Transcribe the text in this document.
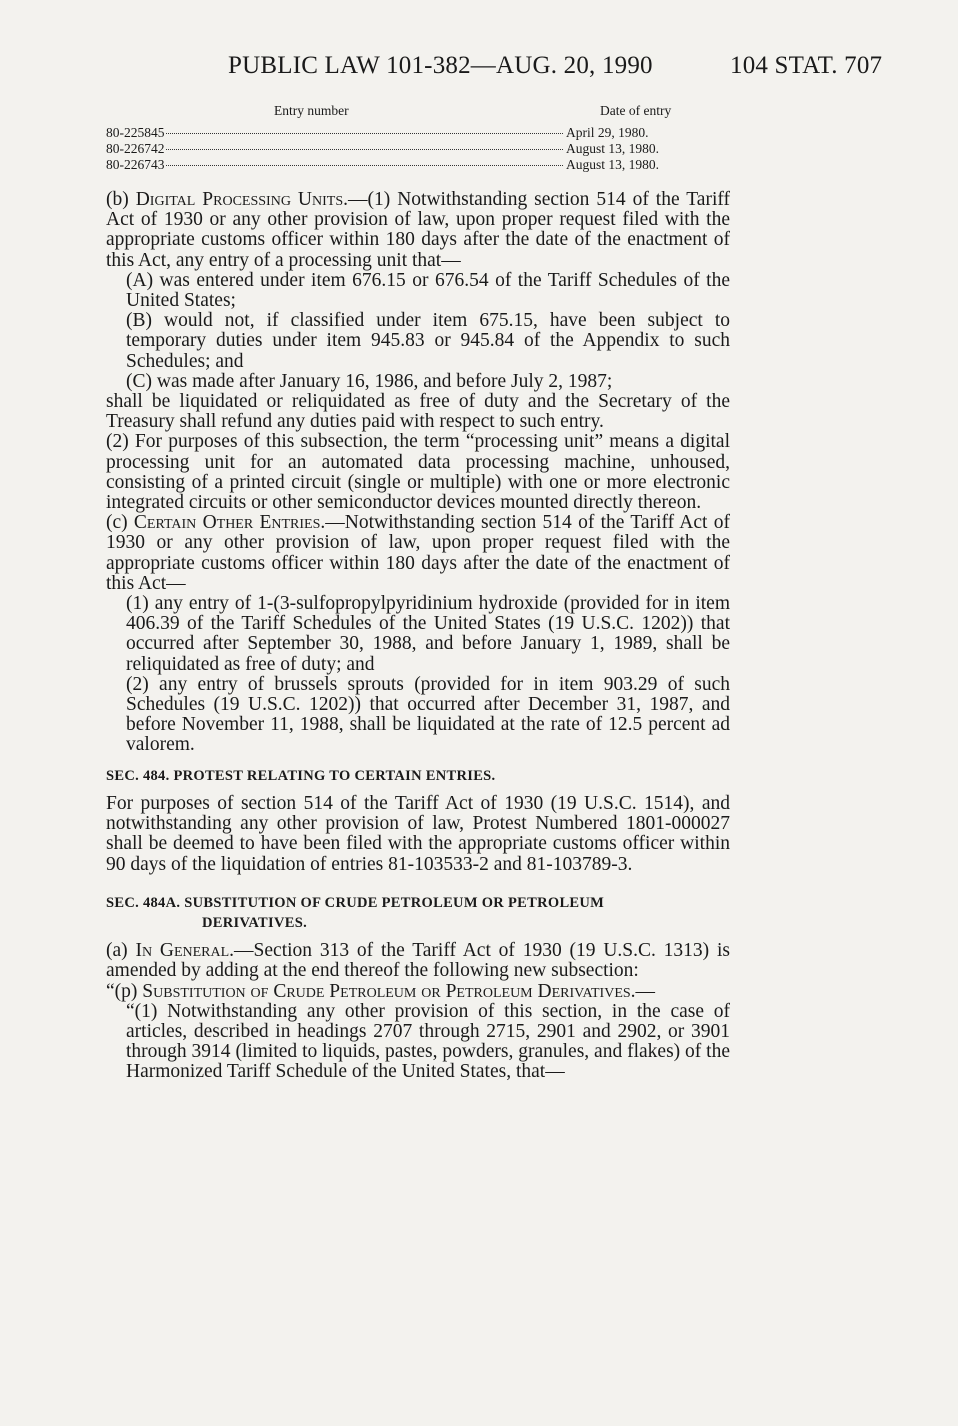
PUBLIC LAW 101-382—AUG. 20, 1990	104 STAT. 707
Entry number	Date of entry
80-225845	April 29, 1980.
80-226742	August 13, 1980.
80-226743	August 13, 1980.

(b) Digital Processing Units.—(1) Notwithstanding section 514 of the Tariff Act of 1930 or any other provision of law, upon proper request filed with the appropriate customs officer within 180 days after the date of the enactment of this Act, any entry of a processing unit that—

(A) was entered under item 676.15 or 676.54 of the Tariff Schedules of the United States;

(B) would not, if classified under item 675.15, have been subject to temporary duties under item 945.83 or 945.84 of the Appendix to such Schedules; and

(C) was made after January 16, 1986, and before July 2, 1987;

shall be liquidated or reliquidated as free of duty and the Secretary of the Treasury shall refund any duties paid with respect to such entry.

(2) For purposes of this subsection, the term “processing unit” means a digital processing unit for an automated data processing machine, unhoused, consisting of a printed circuit (single or multiple) with one or more electronic integrated circuits or other semiconductor devices mounted directly thereon.

(c) Certain Other Entries.—Notwithstanding section 514 of the Tariff Act of 1930 or any other provision of law, upon proper request filed with the appropriate customs officer within 180 days after the date of the enactment of this Act—

(1) any entry of 1-(3-sulfopropylpyridinium hydroxide (provided for in item 406.39 of the Tariff Schedules of the United States (19 U.S.C. 1202)) that occurred after September 30, 1988, and before January 1, 1989, shall be reliquidated as free of duty; and

(2) any entry of brussels sprouts (provided for in item 903.29 of such Schedules (19 U.S.C. 1202)) that occurred after December 31, 1987, and before November 11, 1988, shall be liquidated at the rate of 12.5 percent ad valorem.

SEC. 484. PROTEST RELATING TO CERTAIN ENTRIES.

For purposes of section 514 of the Tariff Act of 1930 (19 U.S.C. 1514), and notwithstanding any other provision of law, Protest Numbered 1801-000027 shall be deemed to have been filed with the appropriate customs officer within 90 days of the liquidation of entries 81-103533-2 and 81-103789-3.

SEC. 484A. SUBSTITUTION OF CRUDE PETROLEUM OR PETROLEUM

DERIVATIVES.

(a) In General.—Section 313 of the Tariff Act of 1930 (19 U.S.C. 1313) is amended by adding at the end thereof the following new subsection:

“(p) Substitution of Crude Petroleum or Petroleum Derivatives.—

“(1) Notwithstanding any other provision of this section, in the case of articles, described in headings 2707 through 2715, 2901 and 2902, or 3901 through 3914 (limited to liquids, pastes, powders, granules, and flakes) of the Harmonized Tariff Schedule of the United States, that—
